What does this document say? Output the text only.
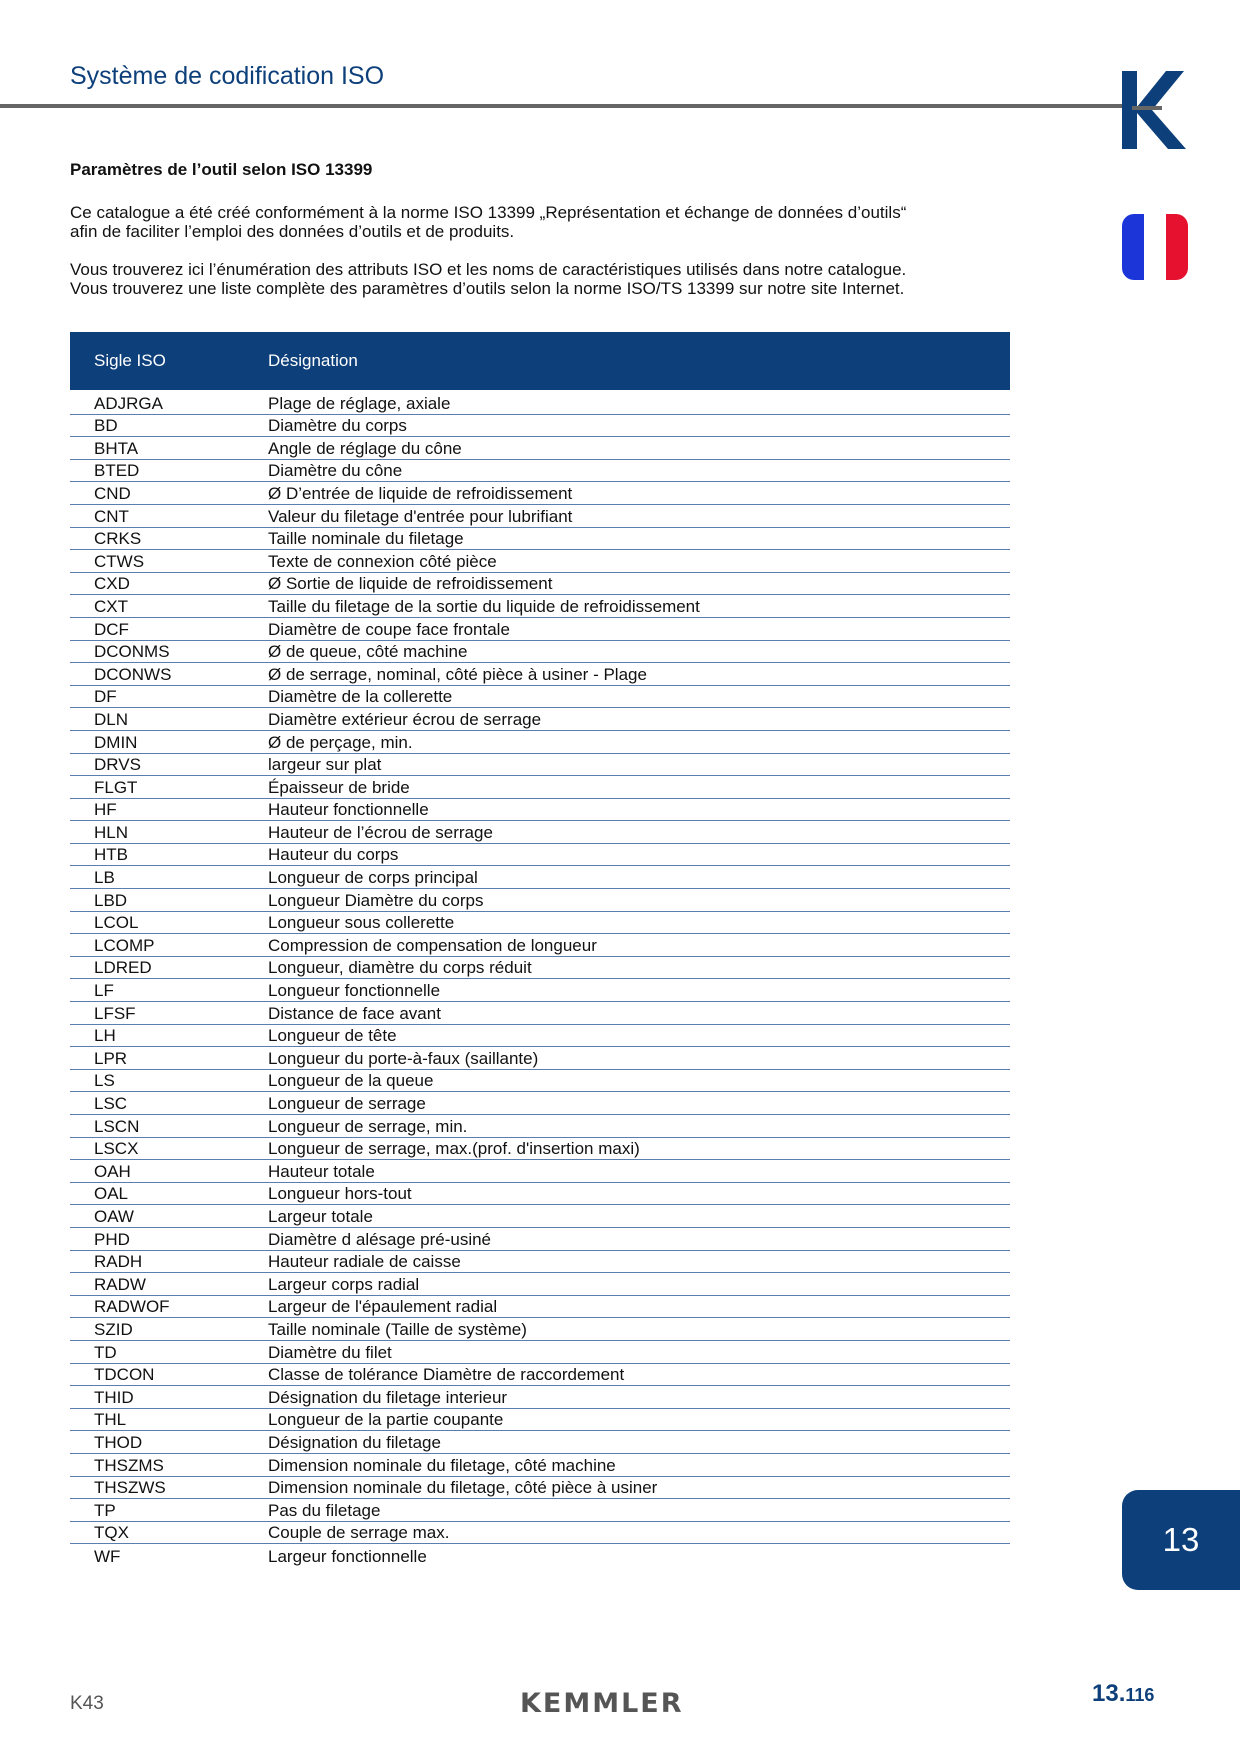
Système de codification ISO
Paramètres de l’outil selon ISO 13399
Ce catalogue a été créé conformément à la norme ISO 13399 „Représentation et échange de données d’outils“
afin de faciliter l’emploi des données d’outils et de produits.
Vous trouverez ici l’énumération des attributs ISO et les noms de caractéristiques utilisés dans notre catalogue.
Vous trouverez une liste complète des paramètres d’outils selon la norme ISO/TS 13399 sur notre site Internet.
Sigle ISO	Désignation
ADJRGA	Plage de réglage, axiale
BD	Diamètre du corps
BHTA	Angle de réglage du cône
BTED	Diamètre du cône
CND	Ø D’entrée de liquide de refroidissement
CNT	Valeur du filetage d'entrée pour lubrifiant
CRKS	Taille nominale du filetage
CTWS	Texte de connexion côté pièce
CXD	Ø Sortie de liquide de refroidissement
CXT	Taille du filetage de la sortie du liquide de refroidissement
DCF	Diamètre de coupe face frontale
DCONMS	Ø de queue, côté machine
DCONWS	Ø de serrage, nominal, côté pièce à usiner - Plage
DF	Diamètre de la collerette
DLN	Diamètre extérieur écrou de serrage
DMIN	Ø de perçage, min.
DRVS	largeur sur plat
FLGT	Épaisseur de bride
HF	Hauteur fonctionnelle
HLN	Hauteur de l’écrou de serrage
HTB	Hauteur du corps
LB	Longueur de corps principal
LBD	Longueur Diamètre du corps
LCOL	Longueur sous collerette
LCOMP	Compression de compensation de longueur
LDRED	Longueur, diamètre du corps réduit
LF	Longueur fonctionnelle
LFSF	Distance de face avant
LH	Longueur de tête
LPR	Longueur du porte-à-faux (saillante)
LS	Longueur de la queue
LSC	Longueur de serrage
LSCN	Longueur de serrage, min.
LSCX	Longueur de serrage, max.(prof. d'insertion maxi)
OAH	Hauteur totale
OAL	Longueur hors-tout
OAW	Largeur totale
PHD	Diamètre d alésage pré-usiné
RADH	Hauteur radiale de caisse
RADW	Largeur corps radial
RADWOF	Largeur de l'épaulement radial
SZID	Taille nominale (Taille de système)
TD	Diamètre du filet
TDCON	Classe de tolérance Diamètre de raccordement
THID	Désignation du filetage interieur
THL	Longueur de la partie coupante
THOD	Désignation du filetage
THSZMS	Dimension nominale du filetage, côté machine
THSZWS	Dimension nominale du filetage, côté pièce à usiner
TP	Pas du filetage
TQX	Couple de serrage max.
WF	Largeur fonctionnelle	13
K43	KEMMLER	13.116
